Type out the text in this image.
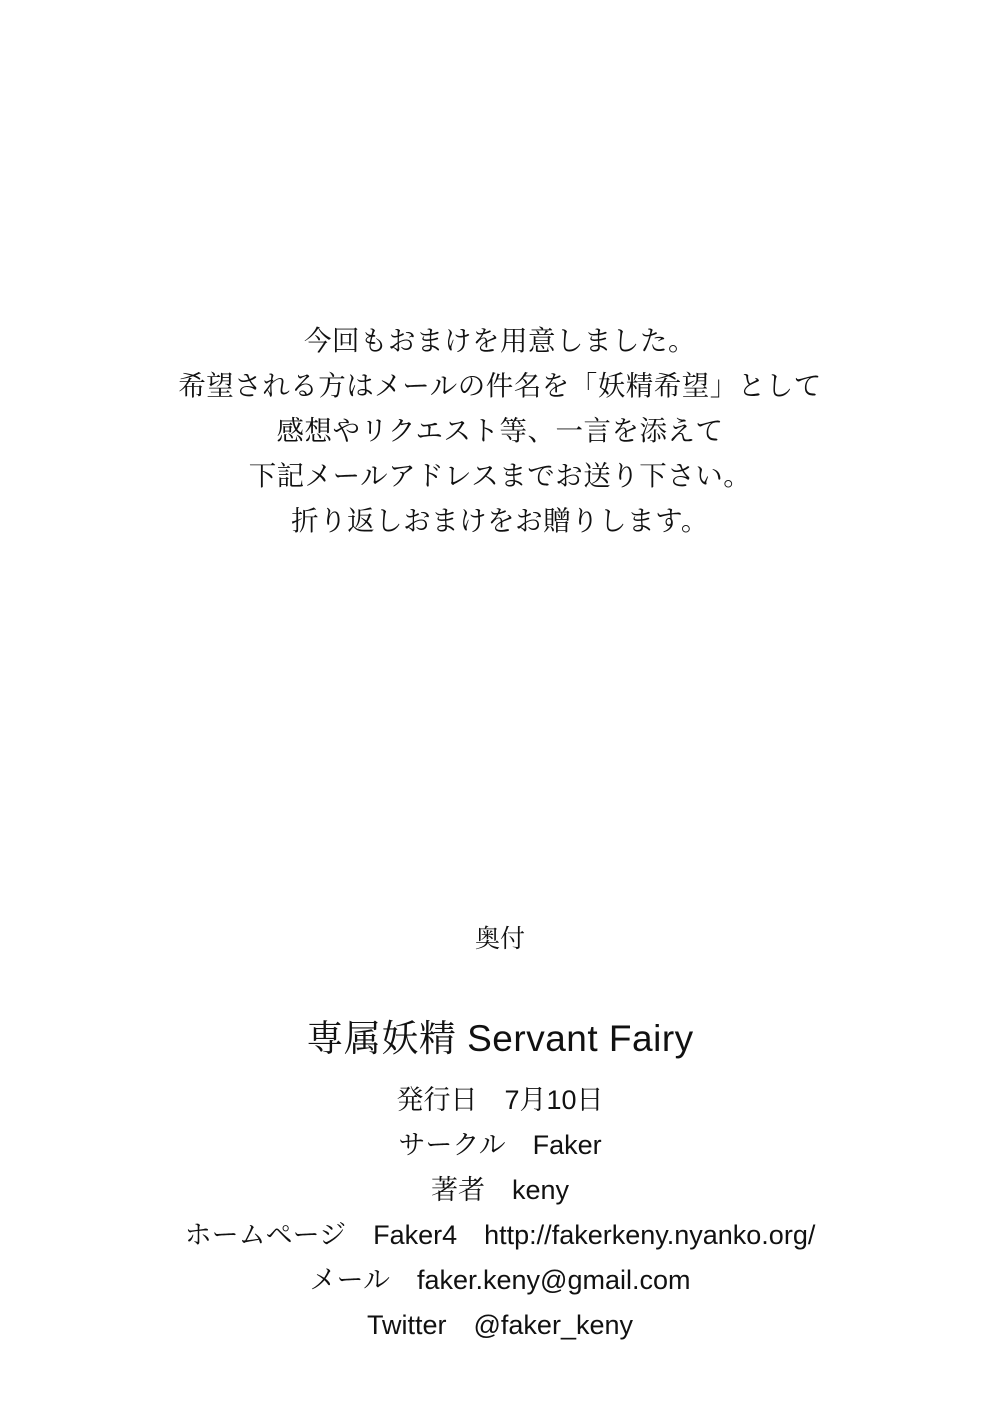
今回もおまけを用意しました。
希望される方はメールの件名を「妖精希望」として
感想やリクエスト等、一言を添えて
下記メールアドレスまでお送り下さい。
折り返しおまけをお贈りします。
奥付
専属妖精 Servant Fairy
発行日　7月10日
サークル　Faker
著者　keny
ホームページ　Faker4　http://fakerkeny.nyanko.org/
メール　faker.keny@gmail.com
Twitter　@faker_keny
